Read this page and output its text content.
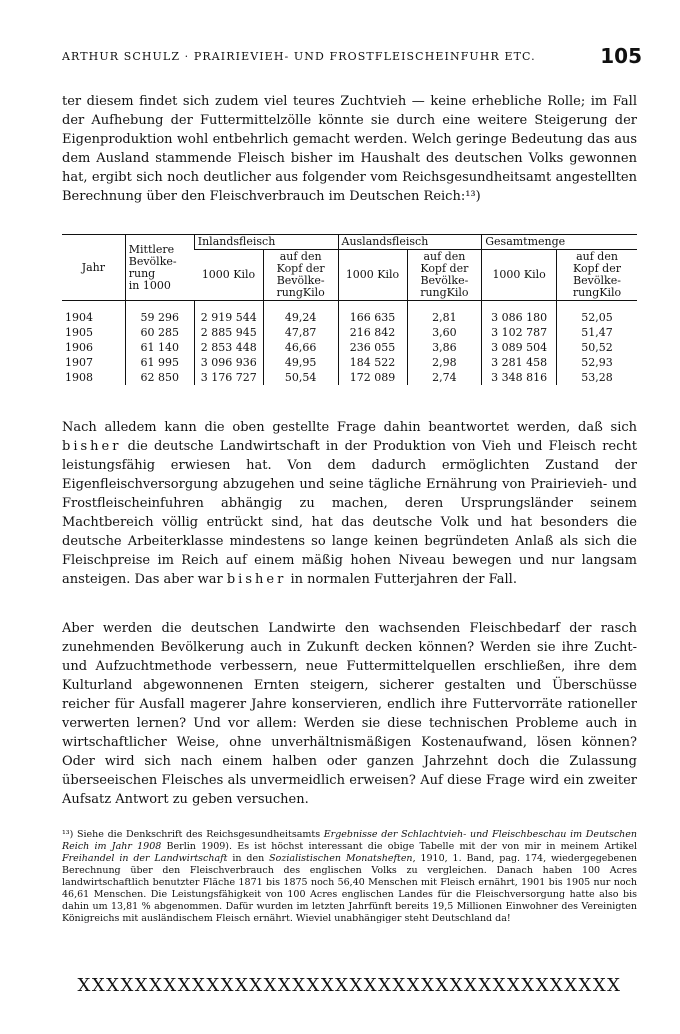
ARTHUR SCHULZ · PRAIRIEVIEH- UND FROSTFLEISCHEINFUHR ETC.	105

ter diesem findet sich zudem viel teures Zuchtvieh — keine erhebliche Rolle; im Fall der Aufhebung der Futtermittelzölle könnte sie durch eine weitere Steigerung der Eigenproduktion wohl entbehrlich gemacht werden. Welch geringe Bedeutung das aus dem Ausland stammende Fleisch bisher im Haushalt des deutschen Volks gewonnen hat, ergibt sich noch deutlicher aus folgender vom Reichsgesundheitsamt angestellten Berechnung über den Fleischverbrauch im Deutschen Reich:¹³)

Jahr	Mittlere
Bevölke-
rung
in 1000	Inlandsfleisch		Auslandsfleisch		Gesamtmenge	
		1000 Kilo	auf den
Kopf der
Bevölke-
rungKilo	1000 Kilo	auf den
Kopf der
Bevölke-
rungKilo	1000 Kilo	auf den
Kopf der
Bevölke-
rungKilo
1904	59 296	2 919 544	49,24	166 635	2,81	3 086 180	52,05
1905	60 285	2 885 945	47,87	216 842	3,60	3 102 787	51,47
1906	61 140	2 853 448	46,66	236 055	3,86	3 089 504	50,52
1907	61 995	3 096 936	49,95	184 522	2,98	3 281 458	52,93
1908	62 850	3 176 727	50,54	172 089	2,74	3 348 816	53,28

Nach alledem kann die oben gestellte Frage dahin beantwortet werden, daß sich bisher die deutsche Landwirtschaft in der Produktion von Vieh und Fleisch recht leistungsfähig erwiesen hat. Von dem dadurch ermöglichten Zustand der Eigenfleischversorgung abzugehen und seine tägliche Ernährung von Prairievieh- und Frostfleischeinfuhren abhängig zu machen, deren Ursprungsländer seinem Machtbereich völlig entrückt sind, hat das deutsche Volk und hat besonders die deutsche Arbeiterklasse mindestens so lange keinen begründeten Anlaß als sich die Fleischpreise im Reich auf einem mäßig hohen Niveau bewegen und nur langsam ansteigen. Das aber war bisher in normalen Futterjahren der Fall.

Aber werden die deutschen Landwirte den wachsenden Fleischbedarf der rasch zunehmenden Bevölkerung auch in Zukunft decken können? Werden sie ihre Zucht- und Aufzuchtmethode verbessern, neue Futtermittelquellen erschließen, ihre dem Kulturland abgewonnenen Ernten steigern, sicherer gestalten und Überschüsse reicher für Ausfall magerer Jahre konservieren, endlich ihre Futtervorräte rationeller verwerten lernen? Und vor allem: Werden sie diese technischen Probleme auch in wirtschaftlicher Weise, ohne unverhältnismäßigen Kostenaufwand, lösen können? Oder wird sich nach einem halben oder ganzen Jahrzehnt doch die Zulassung überseeischen Fleisches als unvermeidlich erweisen? Auf diese Frage wird ein zweiter Aufsatz Antwort zu geben versuchen.

¹³) Siehe die Denkschrift des Reichsgesundheitsamts Ergebnisse der Schlachtvieh- und Fleischbeschau im Deutschen Reich im Jahr 1908 Berlin 1909). Es ist höchst interessant die obige Tabelle mit der von mir in meinem Artikel Freihandel in der Landwirtschaft in den Sozialistischen Monatsheften, 1910, 1. Band, pag. 174, wiedergegebenen Berechnung über den Fleischverbrauch des englischen Volks zu vergleichen. Danach haben 100 Acres landwirtschaftlich benutzter Fläche 1871 bis 1875 noch 56,40 Menschen mit Fleisch ernährt, 1901 bis 1905 nur noch 46,61 Menschen. Die Leistungsfähigkeit von 100 Acres englischen Landes für die Fleischversorgung hatte also bis dahin um 13,81 % abgenommen. Dafür wurden im letzten Jahrfünft bereits 19,5 Millionen Einwohner des Vereinigten Königreichs mit ausländischem Fleisch ernährt. Wieviel unabhängiger steht Deutschland da!

XXXXXXXXXXXXXXXXXXXXXXXXXXXXXXXXXXXXXX
